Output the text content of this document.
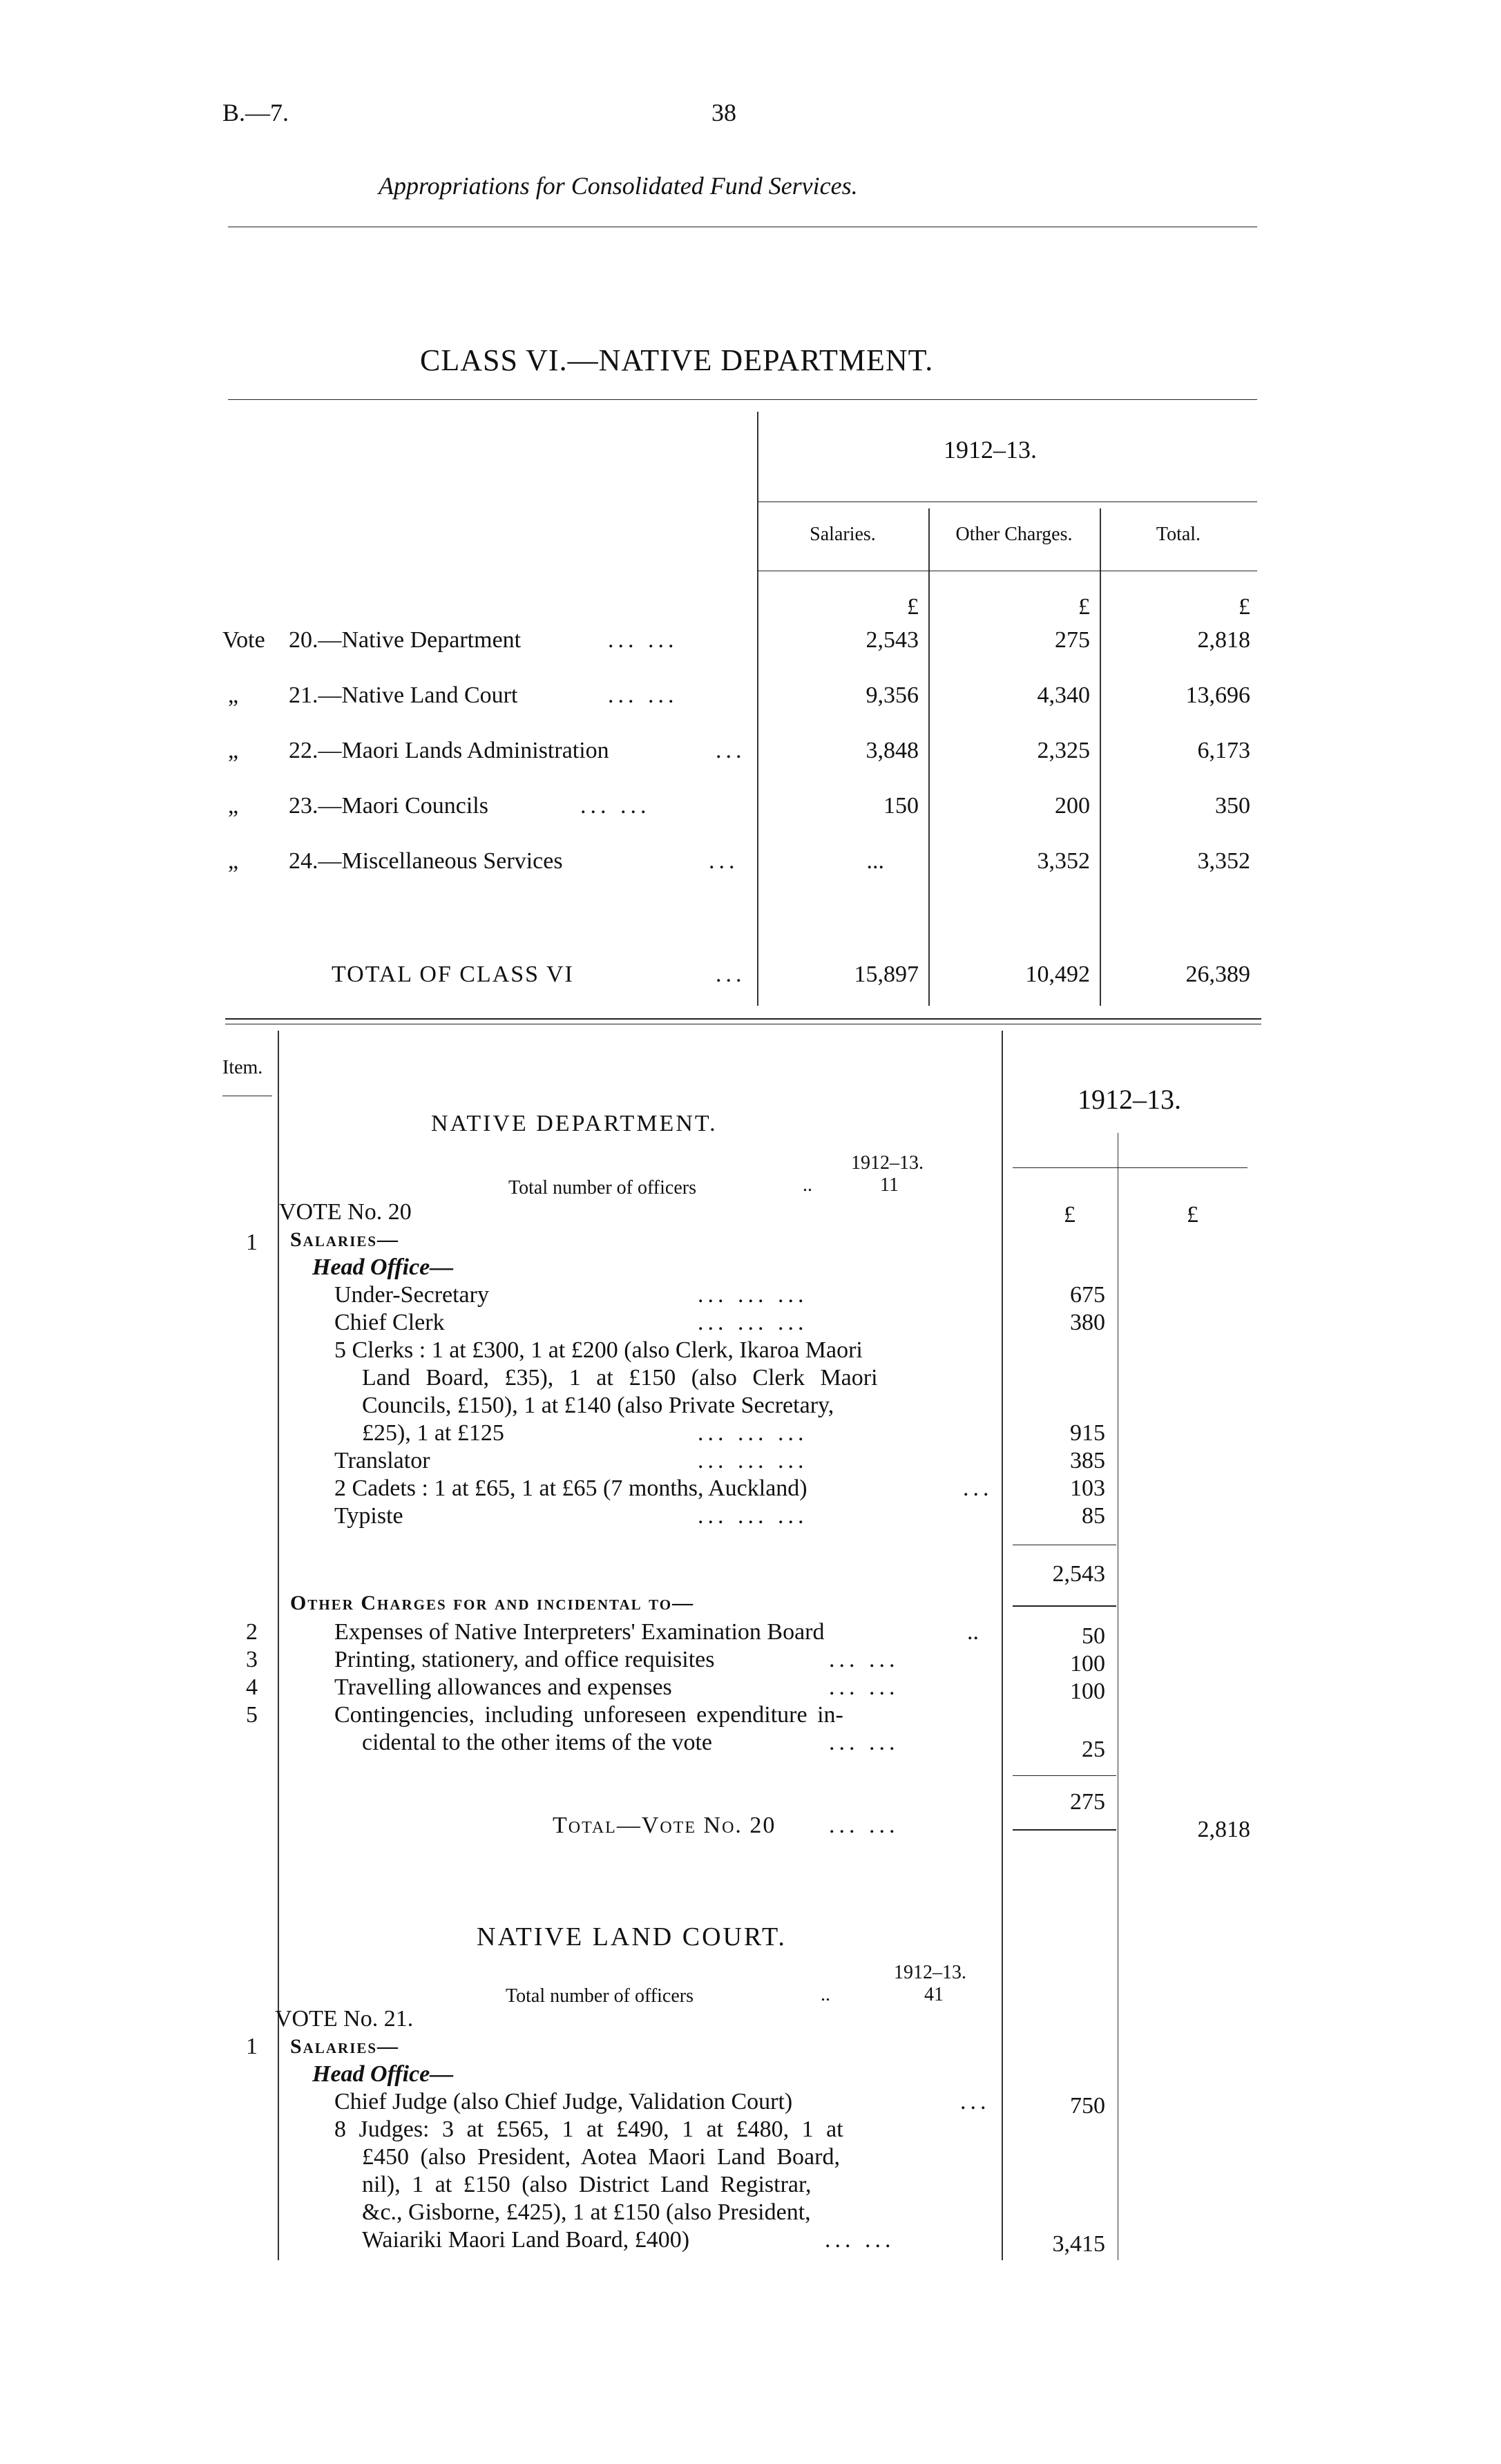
B.—7.	38
Appropriations for Consolidated Fund Services.
CLASS VI.—NATIVE DEPARTMENT.
1912–13.
Salaries.	Other Charges.	Total.
£	£	£
Vote 20.—Native Department	... ...	2,543	275	2,818
„ 21.—Native Land Court	... ...	9,356	4,340	13,696
„ 22.—Maori Lands Administration	...	3,848	2,325	6,173
„ 23.—Maori Councils	... ...	150	200	350
„ 24.—Miscellaneous Services	...	...	3,352	3,352
TOTAL OF CLASS VI	...	15,897	10,492	26,389
Item.
1912–13.
£	£
NATIVE DEPARTMENT.
1912–13.
Total number of officers	..	11
VOTE No. 20
Salaries—
Head Office—
1
Under-Secretary	... ... ...	675
Chief Clerk	... ... ...	380
5 Clerks : 1 at £300, 1 at £200 (also Clerk, Ikaroa Maori
Land Board, £35), 1 at £150 (also Clerk Maori
Councils, £150), 1 at £140 (also Private Secretary,
£25), 1 at £125	... ... ...	915
Translator	... ... ...	385
2 Cadets : 1 at £65, 1 at £65 (7 months, Auckland)	...	103
Typiste	... ... ...	85
2,543
Other Charges for and incidental to—
2	Expenses of Native Interpreters' Examination Board	..	50
3	Printing, stationery, and office requisites	... ...	100
4	Travelling allowances and expenses	... ...	100
5	Contingencies, including unforeseen expenditure in-
cidental to the other items of the vote	... ...	25
275
Total—Vote No. 20 ... ...	2,818
NATIVE LAND COURT.
1912–13.
Total number of officers	..	41
VOTE No. 21.
1 Salaries—
Head Office—
Chief Judge (also Chief Judge, Validation Court)	...	750
8 Judges: 3 at £565, 1 at £490, 1 at £480, 1 at
£450 (also President, Aotea Maori Land Board,
nil), 1 at £150 (also District Land Registrar,
&c., Gisborne, £425), 1 at £150 (also President,
Waiariki Maori Land Board, £400)	... ...	3,415
